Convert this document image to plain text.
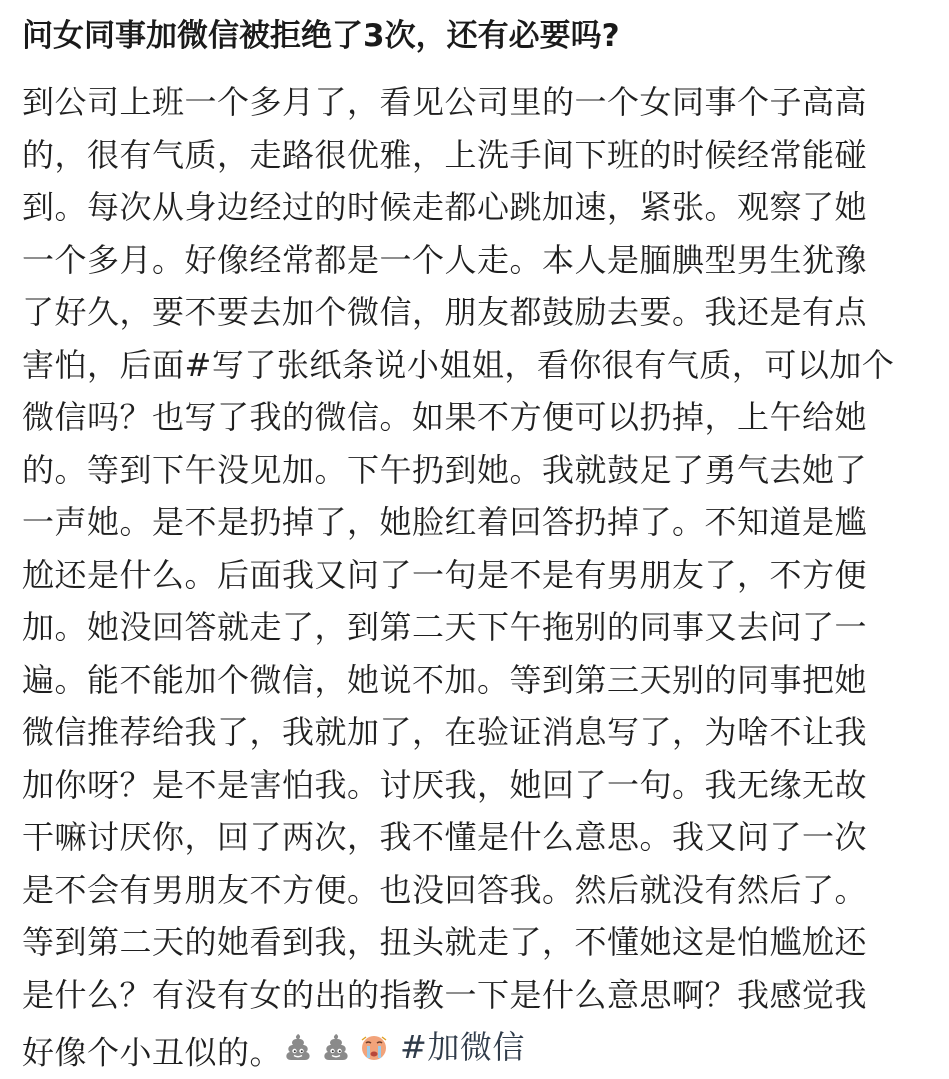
问女同事加微信被拒绝了3次，还有必要吗?
到公司上班一个多月了，看见公司里的一个女同事个子高高
的，很有气质，走路很优雅，上洗手间下班的时候经常能碰
到。每次从身边经过的时候走都心跳加速，紧张。观察了她
一个多月。好像经常都是一个人走。本人是腼腆型男生犹豫
了好久，要不要去加个微信，朋友都鼓励去要。我还是有点
害怕，后面#写了张纸条说小姐姐，看你很有气质，可以加个
微信吗？也写了我的微信。如果不方便可以扔掉，上午给她
的。等到下午没见加。下午扔到她。我就鼓足了勇气去她了
一声她。是不是扔掉了，她脸红着回答扔掉了。不知道是尴
尬还是什么。后面我又问了一句是不是有男朋友了，不方便
加。她没回答就走了，到第二天下午拖别的同事又去问了一
遍。能不能加个微信，她说不加。等到第三天别的同事把她
微信推荐给我了，我就加了，在验证消息写了，为啥不让我
加你呀？是不是害怕我。讨厌我，她回了一句。我无缘无故
干嘛讨厌你，回了两次，我不懂是什么意思。我又问了一次
是不会有男朋友不方便。也没回答我。然后就没有然后了。
等到第二天的她看到我，扭头就走了，不懂她这是怕尴尬还
是什么？有没有女的出的指教一下是什么意思啊？我感觉我
好像个小丑似的。	#加微信
